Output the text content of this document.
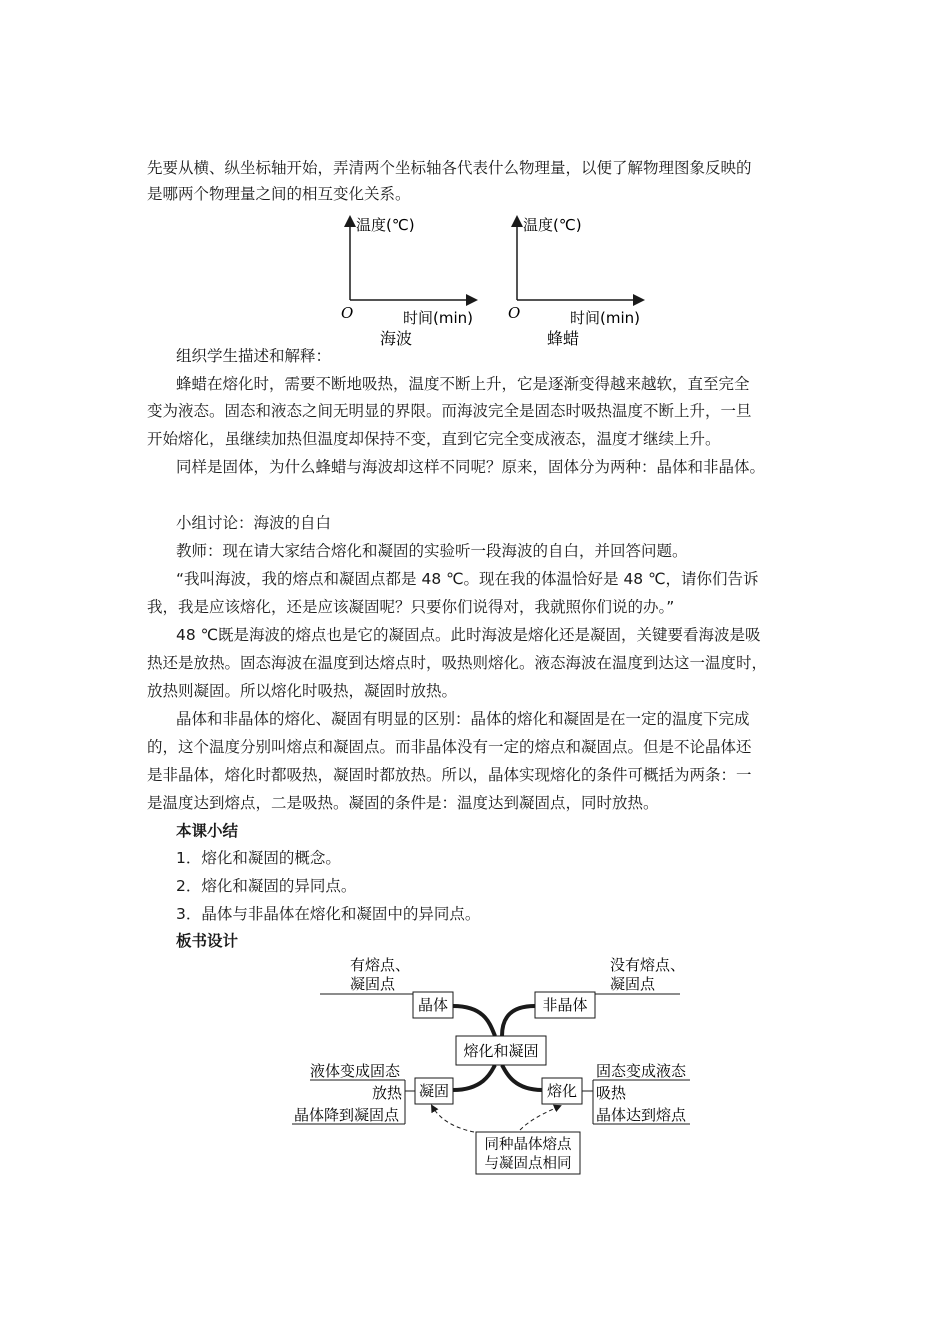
先要从横、纵坐标轴开始，弄清两个坐标轴各代表什么物理量，以便了解物理图象反映的
是哪两个物理量之间的相互变化关系。
温度(℃)
时间(min)
O
海波
温度(℃)
时间(min)
O
蜂蜡
组织学生描述和解释：
蜂蜡在熔化时，需要不断地吸热，温度不断上升，它是逐渐变得越来越软，直至完全
变为液态。固态和液态之间无明显的界限。而海波完全是固态时吸热温度不断上升，一旦
开始熔化，虽继续加热但温度却保持不变，直到它完全变成液态，温度才继续上升。
同样是固体，为什么蜂蜡与海波却这样不同呢？原来，固体分为两种：晶体和非晶体。
小组讨论：海波的自白
教师：现在请大家结合熔化和凝固的实验听一段海波的自白，并回答问题。
“我叫海波，我的熔点和凝固点都是 48 ℃。现在我的体温恰好是 48 ℃，请你们告诉
我，我是应该熔化，还是应该凝固呢？只要你们说得对，我就照你们说的办。”
48 ℃既是海波的熔点也是它的凝固点。此时海波是熔化还是凝固，关键要看海波是吸
热还是放热。固态海波在温度到达熔点时，吸热则熔化。液态海波在温度到达这一温度时，
放热则凝固。所以熔化时吸热，凝固时放热。
晶体和非晶体的熔化、凝固有明显的区别：晶体的熔化和凝固是在一定的温度下完成
的，这个温度分别叫熔点和凝固点。而非晶体没有一定的熔点和凝固点。但是不论晶体还
是非晶体，熔化时都吸热，凝固时都放热。所以，晶体实现熔化的条件可概括为两条：一
是温度达到熔点，二是吸热。凝固的条件是：温度达到凝固点，同时放热。
本课小结
1．熔化和凝固的概念。
2．熔化和凝固的异同点。
3．晶体与非晶体在熔化和凝固中的异同点。
板书设计
熔化和凝固
晶体
有熔点、
凝固点
非晶体
没有熔点、
凝固点
凝固
液体变成固态
放热
晶体降到凝固点
熔化
固态变成液态
吸热
晶体达到熔点
同种晶体熔点
与凝固点相同
